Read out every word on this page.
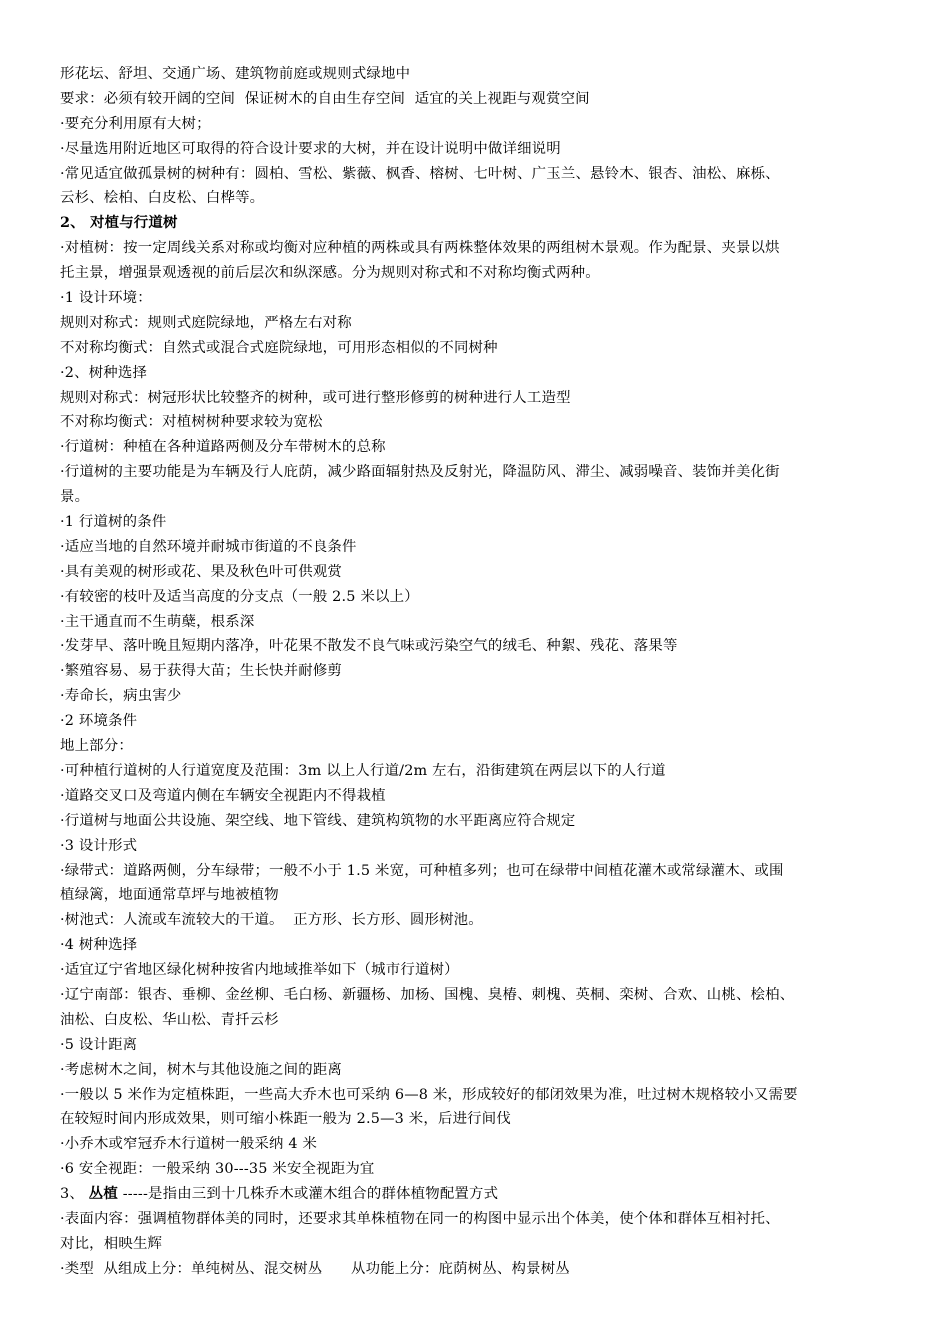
形花坛、舒坦、交通广场、建筑物前庭或规则式绿地中
要求：必须有较开阔的空间  保证树木的自由生存空间  适宜的关上视距与观赏空间
·要充分利用原有大树；
·尽量选用附近地区可取得的符合设计要求的大树，并在设计说明中做详细说明
·常见适宜做孤景树的树种有：圆柏、雪松、紫薇、枫香、榕树、七叶树、广玉兰、悬铃木、银杏、油松、麻栎、
云杉、桧柏、白皮松、白桦等。
2、 对植与行道树
·对植树：按一定周线关系对称或均衡对应种植的两株或具有两株整体效果的两组树木景观。作为配景、夹景以烘
托主景，增强景观透视的前后层次和纵深感。分为规则对称式和不对称均衡式两种。
·1 设计环境：
规则对称式：规则式庭院绿地，严格左右对称
不对称均衡式：自然式或混合式庭院绿地，可用形态相似的不同树种
·2、树种选择
规则对称式：树冠形状比较整齐的树种，或可进行整形修剪的树种进行人工造型
不对称均衡式：对植树树种要求较为宽松
·行道树：种植在各种道路两侧及分车带树木的总称
·行道树的主要功能是为车辆及行人庇荫，减少路面辐射热及反射光，降温防风、滞尘、减弱噪音、装饰并美化街
景。
·1 行道树的条件
·适应当地的自然环境并耐城市街道的不良条件
·具有美观的树形或花、果及秋色叶可供观赏
·有较密的枝叶及适当高度的分支点（一般 2.5 米以上）
·主干通直而不生萌蘖，根系深
·发芽早、落叶晚且短期内落净，叶花果不散发不良气味或污染空气的绒毛、种絮、残花、落果等
·繁殖容易、易于获得大苗；生长快并耐修剪
·寿命长，病虫害少
·2 环境条件
地上部分：
·可种植行道树的人行道宽度及范围：3m 以上人行道/2m 左右，沿街建筑在两层以下的人行道
·道路交叉口及弯道内侧在车辆安全视距内不得栽植
·行道树与地面公共设施、架空线、地下管线、建筑构筑物的水平距离应符合规定
·3 设计形式
·绿带式：道路两侧，分车绿带；一般不小于 1.5 米宽，可种植多列；也可在绿带中间植花灌木或常绿灌木、或围
植绿篱，地面通常草坪与地被植物
·树池式：人流或车流较大的干道。  正方形、长方形、圆形树池。
·4 树种选择
·适宜辽宁省地区绿化树种按省内地域推举如下（城市行道树）
·辽宁南部：银杏、垂柳、金丝柳、毛白杨、新疆杨、加杨、国槐、臭椿、刺槐、英桐、栾树、合欢、山桃、桧柏、
油松、白皮松、华山松、青扦云杉
·5 设计距离
·考虑树木之间，树木与其他设施之间的距离
·一般以 5 米作为定植株距，一些高大乔木也可采纳 6—8 米，形成较好的郁闭效果为准，吐过树木规格较小又需要
在较短时间内形成效果，则可缩小株距一般为 2.5—3 米，后进行间伐
·小乔木或窄冠乔木行道树一般采纳 4 米
·6 安全视距：一般采纳 30---35 米安全视距为宜
3、 丛植 -----是指由三到十几株乔木或灌木组合的群体植物配置方式
·表面内容：强调植物群体美的同时，还要求其单株植物在同一的构图中显示出个体美，使个体和群体互相衬托、
对比，相映生辉
·类型  从组成上分：单纯树丛、混交树丛      从功能上分：庇荫树丛、构景树丛
